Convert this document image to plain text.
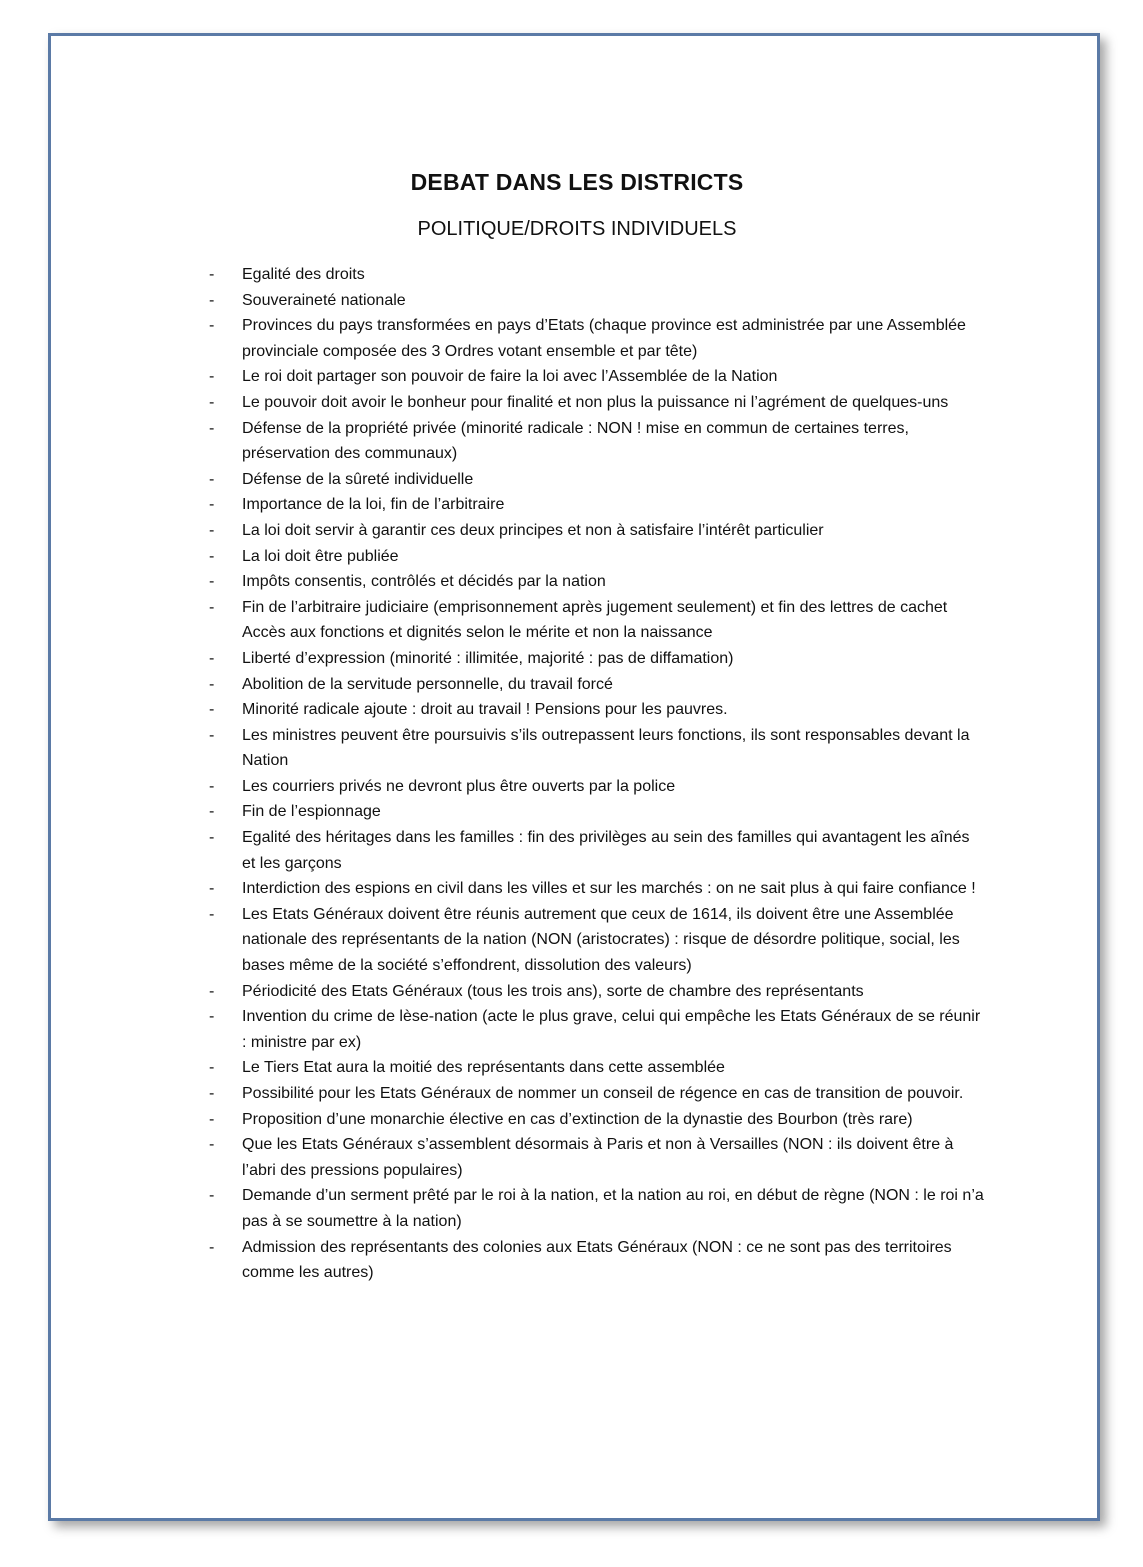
DEBAT DANS LES DISTRICTS
POLITIQUE/DROITS INDIVIDUELS
- Egalité des droits
- Souveraineté nationale
- Provinces du pays transformées en pays d’Etats (chaque province est administrée par une Assemblée provinciale composée des 3 Ordres votant ensemble et par tête)
- Le roi doit partager son pouvoir de faire la loi avec l’Assemblée de la Nation
- Le pouvoir doit avoir le bonheur pour finalité et non plus la puissance ni l’agrément de quelques-uns
- Défense de la propriété privée (minorité radicale : NON ! mise en commun de certaines terres, préservation des communaux)
- Défense de la sûreté individuelle
- Importance de la loi, fin de l’arbitraire
- La loi doit servir à garantir ces deux principes et non à satisfaire l’intérêt particulier
- La loi doit être publiée
- Impôts consentis, contrôlés et décidés par la nation
- Fin de l’arbitraire judiciaire (emprisonnement après jugement seulement) et fin des lettres de cachet Accès aux fonctions et dignités selon le mérite et non la naissance
- Liberté d’expression (minorité : illimitée, majorité : pas de diffamation)
- Abolition de la servitude personnelle, du travail forcé
- Minorité radicale ajoute : droit au travail ! Pensions pour les pauvres.
- Les ministres peuvent être poursuivis s’ils outrepassent leurs fonctions, ils sont responsables devant la Nation
- Les courriers privés ne devront plus être ouverts par la police
- Fin de l’espionnage
- Egalité des héritages dans les familles : fin des privilèges au sein des familles qui avantagent les aînés et les garçons
- Interdiction des espions en civil dans les villes et sur les marchés : on ne sait plus à qui faire confiance !
- Les Etats Généraux doivent être réunis autrement que ceux de 1614, ils doivent être une Assemblée nationale des représentants de la nation (NON (aristocrates) : risque de désordre politique, social, les bases même de la société s’effondrent, dissolution des valeurs)
- Périodicité des Etats Généraux (tous les trois ans), sorte de chambre des représentants
- Invention du crime de lèse-nation (acte le plus grave, celui qui empêche les Etats Généraux de se réunir : ministre par ex)
- Le Tiers Etat aura la moitié des représentants dans cette assemblée
- Possibilité pour les Etats Généraux de nommer un conseil de régence en cas de transition de pouvoir.
- Proposition d’une monarchie élective en cas d’extinction de la dynastie des Bourbon (très rare)
- Que les Etats Généraux s’assemblent désormais à Paris et non à Versailles (NON : ils doivent être à l’abri des pressions populaires)
- Demande d’un serment prêté par le roi à la nation, et la nation au roi, en début de règne (NON : le roi n’a pas à se soumettre à la nation)
- Admission des représentants des colonies aux Etats Généraux (NON : ce ne sont pas des territoires comme les autres)
